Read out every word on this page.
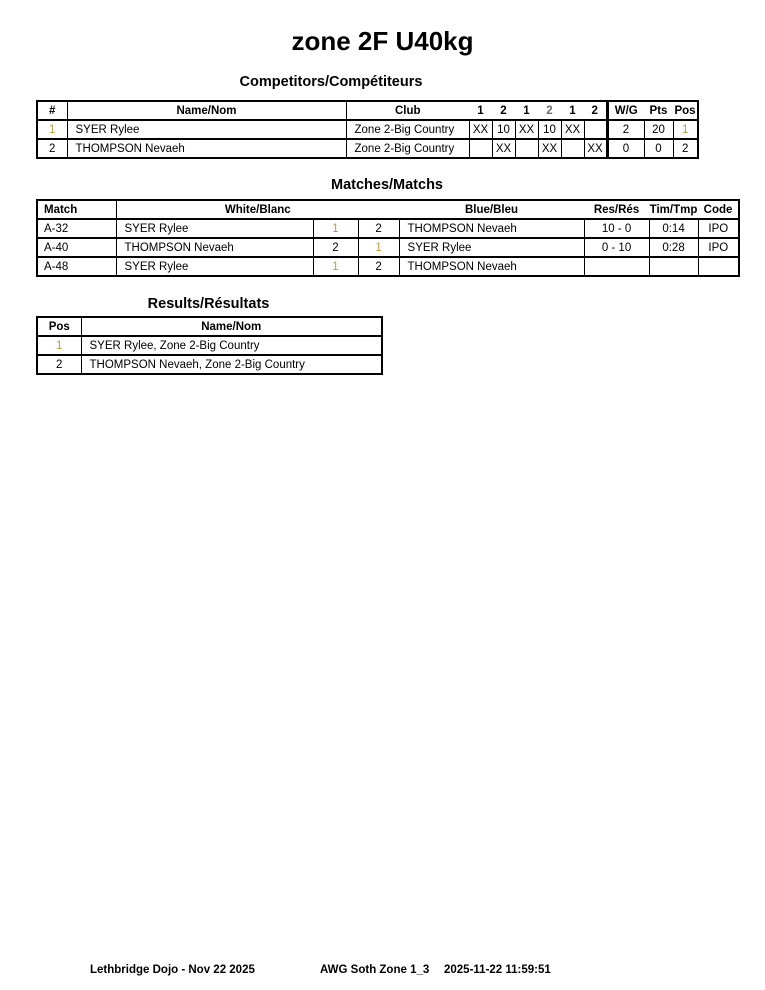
zone 2F U40kg
Competitors/Compétiteurs
#	Name/Nom	Club	1	2	1	2	1	2	W/G	Pts	Pos
1	SYER Rylee	Zone 2-Big Country	XX	10	XX	10	XX		2	20	1
2	THOMPSON Nevaeh	Zone 2-Big Country		XX		XX		XX	0	0	2
Matches/Matchs
Match	White/Blanc			Blue/Bleu	Res/Rés	Tim/Tmp	Code
A-32	SYER Rylee	1	2	THOMPSON Nevaeh	10 - 0	0:14	IPO
A-40	THOMPSON Nevaeh	2	1	SYER Rylee	0 - 10	0:28	IPO
A-48	SYER Rylee	1	2	THOMPSON Nevaeh			
Results/Résultats
Pos	Name/Nom
1	SYER Rylee, Zone 2-Big Country
2	THOMPSON Nevaeh, Zone 2-Big Country
Lethbridge Dojo - Nov 22 2025	AWG Soth Zone 1_3 2025-11-22 11:59:51
